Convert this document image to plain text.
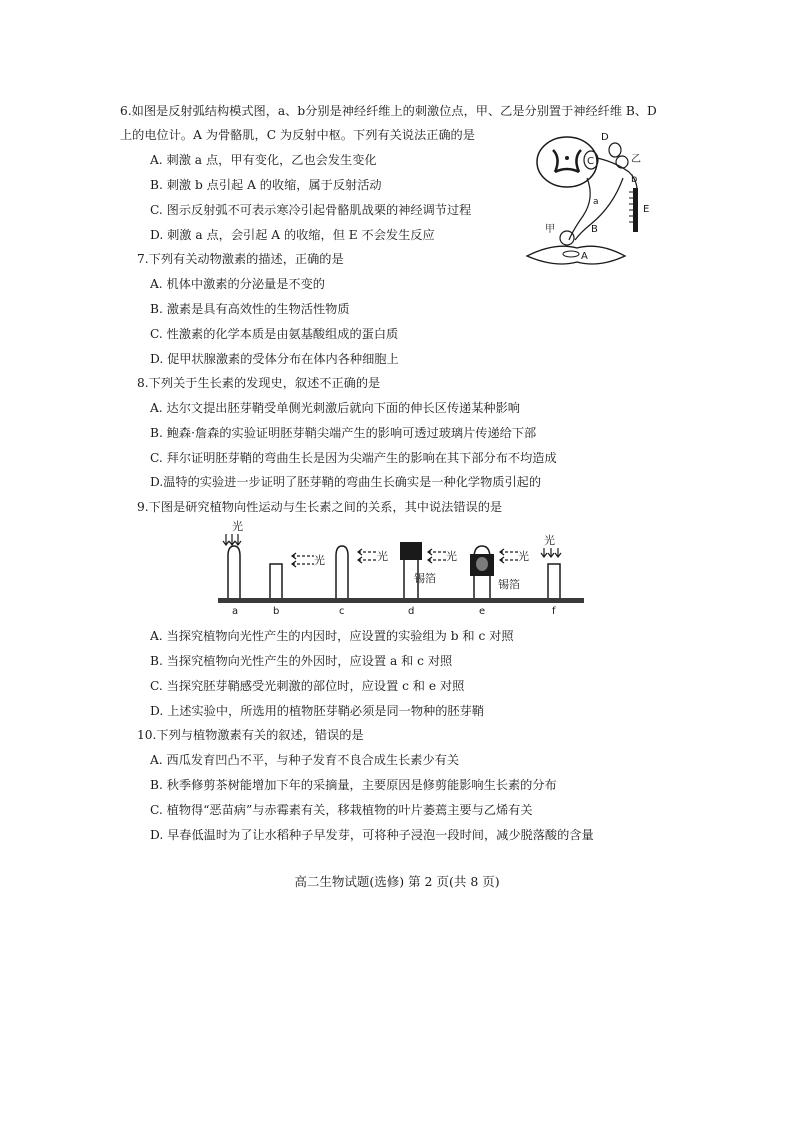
6.如图是反射弧结构模式图，a、b分别是神经纤维上的刺激位点，甲、乙是分别置于神经纤维 B、D
上的电位计。A 为骨骼肌，C 为反射中枢。下列有关说法正确的是
A. 刺激 a 点，甲有变化，乙也会发生变化
B. 刺激 b 点引起 A 的收缩，属于反射活动
C. 图示反射弧不可表示寒冷引起骨骼肌战栗的神经调节过程
D. 刺激 a 点，会引起 A 的收缩，但 E 不会发生反应
D
C	乙
b
a
E
甲	B
A
7.下列有关动物激素的描述，正确的是
A. 机体中激素的分泌量是不变的
B. 激素是具有高效性的生物活性物质
C. 性激素的化学本质是由氨基酸组成的蛋白质
D. 促甲状腺激素的受体分布在体内各种细胞上
8.下列关于生长素的发现史，叙述不正确的是
A. 达尔文提出胚芽鞘受单侧光刺激后就向下面的伸长区传递某种影响
B. 鲍森·詹森的实验证明胚芽鞘尖端产生的影响可透过玻璃片传递给下部
C. 拜尔证明胚芽鞘的弯曲生长是因为尖端产生的影响在其下部分布不均造成
D.温特的实验进一步证明了胚芽鞘的弯曲生长确实是一种化学物质引起的
9.下图是研究植物向性运动与生长素之间的关系，其中说法错误的是
光
光	光	光
锡箔
光
锡箔
光
a	b	c	d	e	f
A. 当探究植物向光性产生的内因时，应设置的实验组为 b 和 c 对照
B. 当探究植物向光性产生的外因时，应设置 a 和 c 对照
C. 当探究胚芽鞘感受光刺激的部位时，应设置 c 和 e 对照
D. 上述实验中，所选用的植物胚芽鞘必须是同一物种的胚芽鞘
10.下列与植物激素有关的叙述，错误的是
A. 西瓜发育凹凸不平，与种子发育不良合成生长素少有关
B. 秋季修剪茶树能增加下年的采摘量，主要原因是修剪能影响生长素的分布
C. 植物得“恶苗病”与赤霉素有关，移栽植物的叶片萎蔫主要与乙烯有关
D. 早春低温时为了让水稻种子早发芽，可将种子浸泡一段时间，减少脱落酸的含量
高二生物试题(选修) 第 2 页(共 8 页)
